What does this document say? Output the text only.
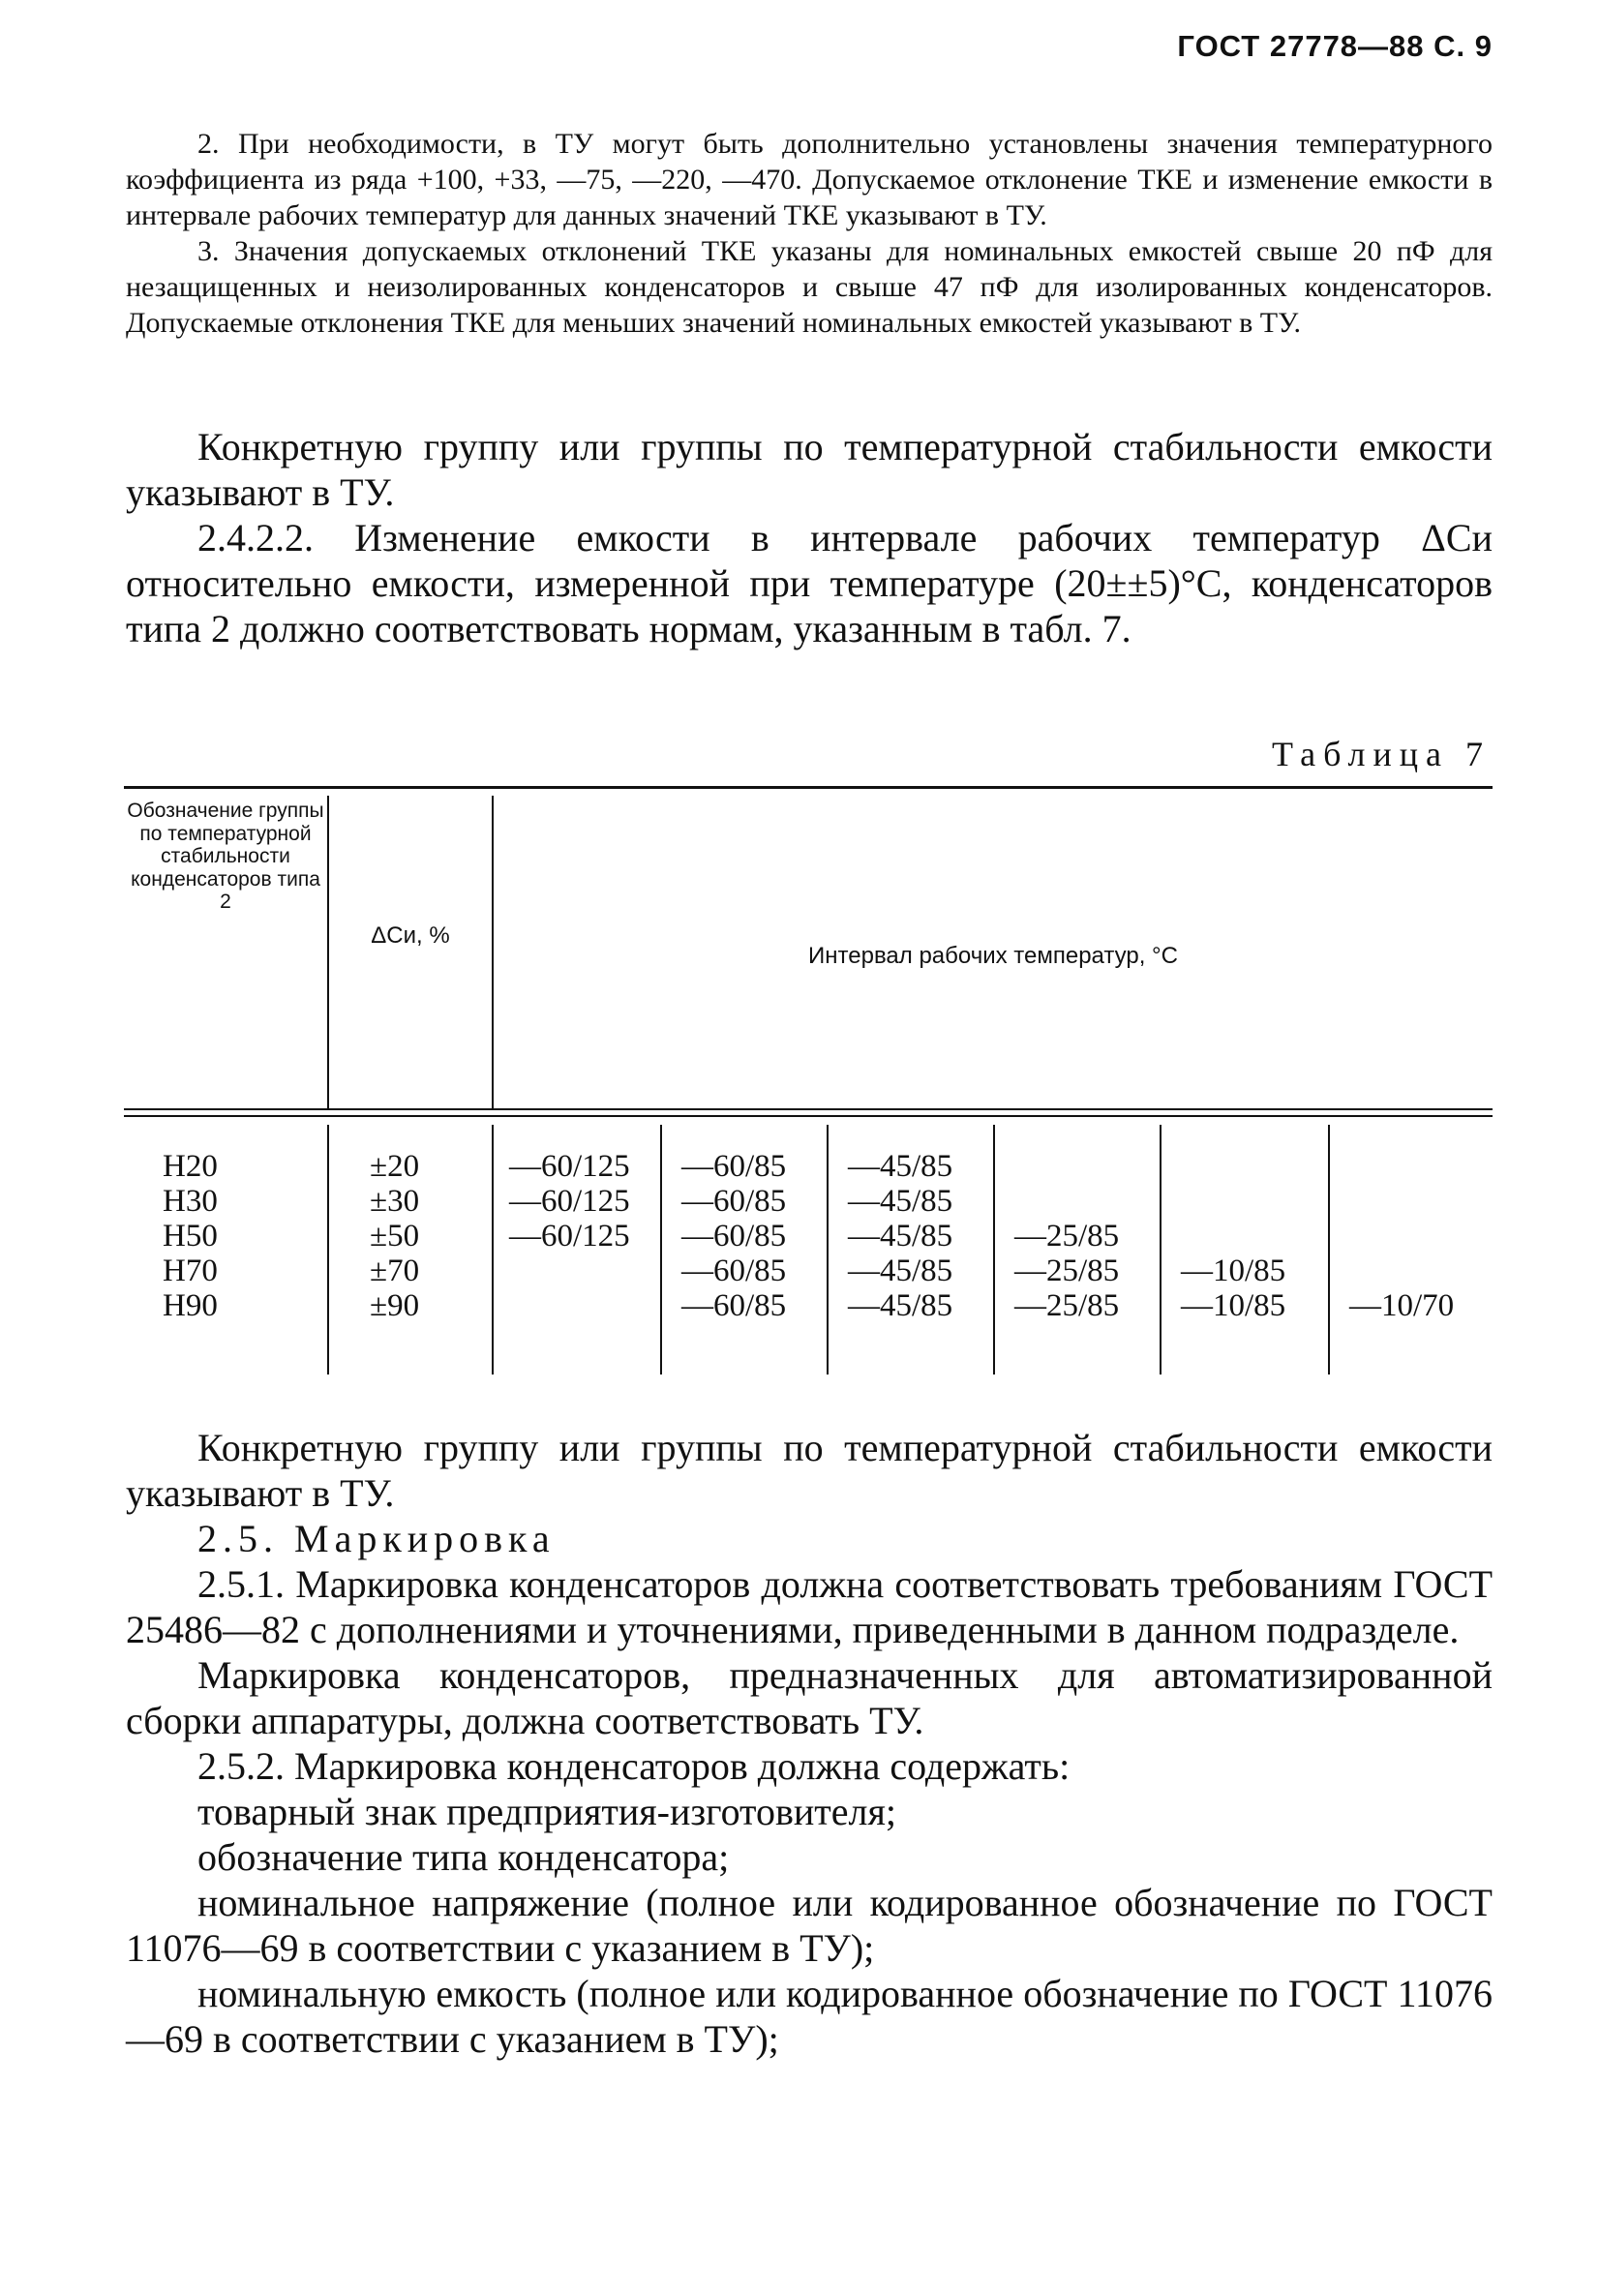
ГОСТ 27778—88 С. 9

2. При необходимости, в ТУ могут быть дополнительно установлены значения температурного коэффициента из ряда +100, +33, —75, —220, —470. Допускаемое отклонение ТКЕ и изменение емкости в интервале рабочих температур для данных значений ТКЕ указывают в ТУ.

3. Значения допускаемых отклонений ТКЕ указаны для номинальных емкостей свыше 20 пФ для незащищенных и неизолированных конденсаторов и свыше 47 пФ для изолированных конденсаторов. Допускаемые отклонения ТКЕ для меньших значений номинальных емкостей указывают в ТУ.

Конкретную группу или группы по температурной стабильности емкости указывают в ТУ.

2.4.2.2. Изменение емкости в интервале рабочих температур ΔCи относительно емкости, измеренной при температуре (20±±5)°С, конденсаторов типа 2 должно соответствовать нормам, указанным в табл. 7.

Таблица 7
Обозначение группы по температурной стабильности конденсаторов типа 2
ΔCи, %
Интервал рабочих температур, °С
Н20
Н30
Н50
Н70
Н90
±20
±30
±50
±70
±90
—60/125
—60/125
—60/125
—60/85
—60/85
—60/85
—60/85
—60/85
—45/85
—45/85
—45/85
—45/85
—45/85
—25/85
—25/85
—25/85
—10/85
—10/85	—10/70

Конкретную группу или группы по температурной стабильности емкости указывают в ТУ.

2.5. Маркировка

2.5.1. Маркировка конденсаторов должна соответствовать требованиям ГОСТ 25486—82 с дополнениями и уточнениями, приведенными в данном подразделе.

Маркировка конденсаторов, предназначенных для автоматизированной сборки аппаратуры, должна соответствовать ТУ.

2.5.2. Маркировка конденсаторов должна содержать:

товарный знак предприятия-изготовителя;

обозначение типа конденсатора;

номинальное напряжение (полное или кодированное обозначение по ГОСТ 11076—69 в соответствии с указанием в ТУ);

номинальную емкость (полное или кодированное обозначение по ГОСТ 11076—69 в соответствии с указанием в ТУ);
